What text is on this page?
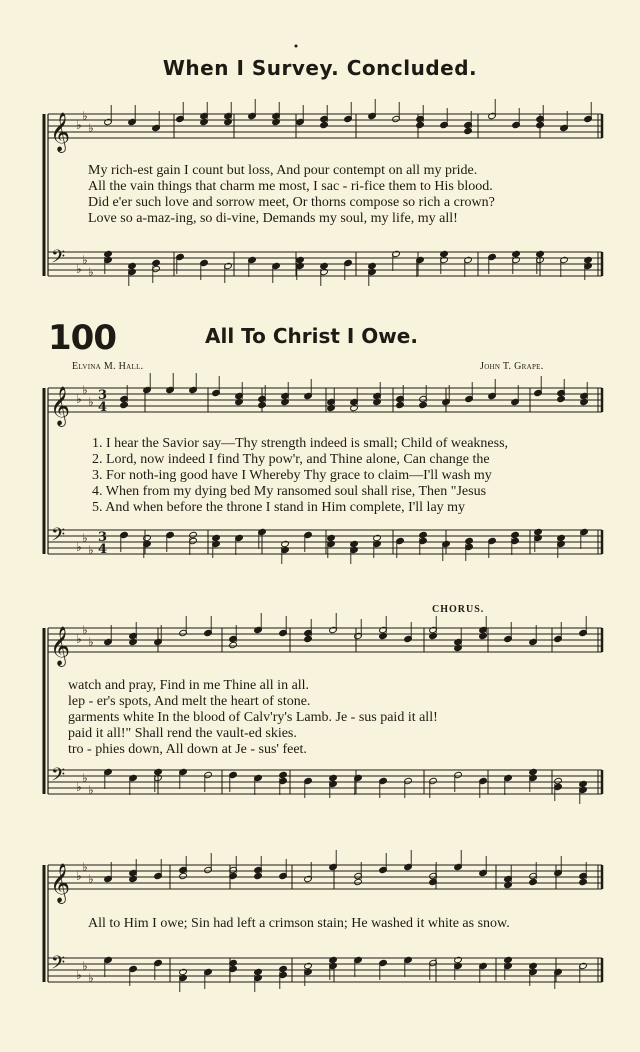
When I Survey. Concluded.
100	All To Christ I Owe.
Elvina M. Hall.	John T. Grape.
CHORUS.
My rich-est gain I count but loss, And pour contempt on all my pride.
All the vain things that charm me most, I sac - ri-fice them to His blood.
Did e'er such love and sorrow meet, Or thorns compose so rich a crown?
Love so a-maz-ing, so di-vine, Demands my soul, my life, my all!
1. I hear the Savior say—Thy strength indeed is small; Child of weakness,
2. Lord, now indeed I find Thy pow'r, and Thine alone, Can change the
3. For noth-ing good have I Whereby Thy grace to claim—I'll wash my
4. When from my dying bed My ransomed soul shall rise, Then "Jesus
5. And when before the throne I stand in Him complete, I'll lay my
watch and pray, Find in me Thine all in all.
lep - er's spots, And melt the heart of stone.
garments white In the blood of Calv'ry's Lamb. Je - sus paid it all!
paid it all!" Shall rend the vault-ed skies.
tro - phies down, All down at Je - sus' feet.
All to Him I owe; Sin had left a crimson stain; He washed it white as snow.
𝄞
𝄢
♭
♭
♭
♭
♭
♭
𝄞
𝄢
♭
♭
♭
♭
♭
♭
3
4
3
4
𝄞
𝄢
♭
♭
♭
♭
♭
♭
𝄞
𝄢
♭
♭
♭
♭
♭
♭
